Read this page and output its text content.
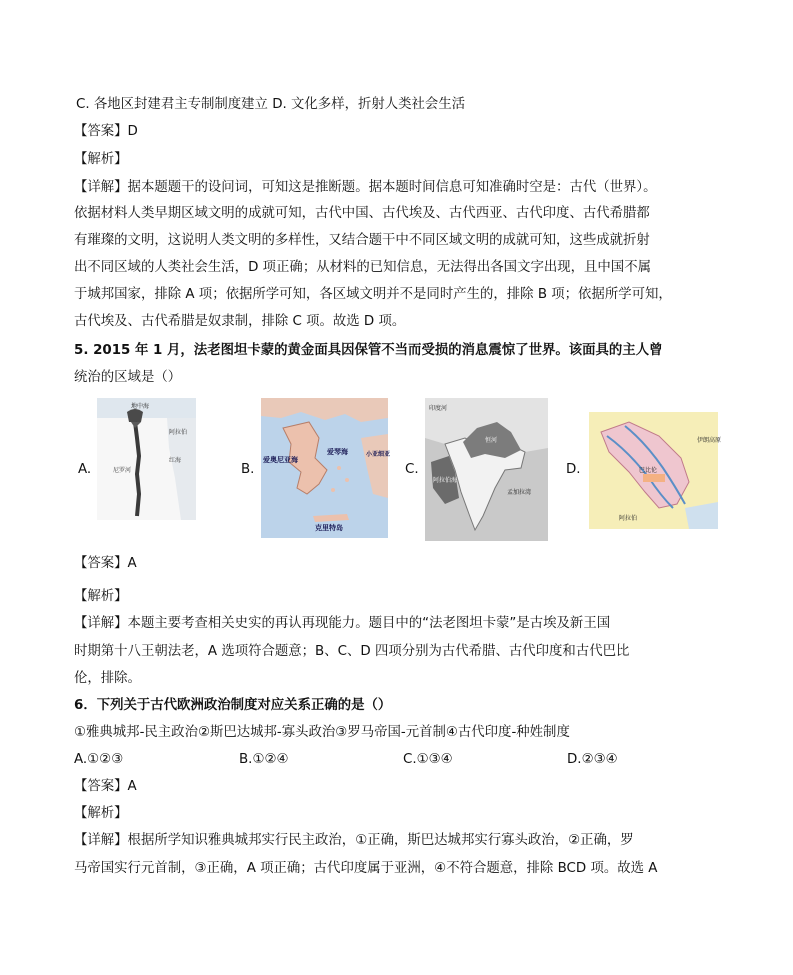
C. 各地区封建君主专制制度建立 D. 文化多样，折射人类社会生活
【答案】D
【解析】
【详解】据本题题干的设问词，可知这是推断题。据本题时间信息可知准确时空是：古代（世界）。
依据材料人类早期区域文明的成就可知，古代中国、古代埃及、古代西亚、古代印度、古代希腊都
有璀璨的文明，这说明人类文明的多样性，又结合题干中不同区域文明的成就可知，这些成就折射
出不同区域的人类社会生活，D 项正确；从材料的已知信息，无法得出各国文字出现，且中国不属
于城邦国家，排除 A 项；依据所学可知，各区域文明并不是同时产生的，排除 B 项；依据所学可知，
古代埃及、古代希腊是奴隶制，排除 C 项。故选 D 项。
5. 2015 年 1 月，法老图坦卡蒙的黄金面具因保管不当而受损的消息震惊了世界。该面具的主人曾
统治的区域是（）
A.
地中海
阿拉伯
红海
尼罗河	B.
爱奥尼亚海
爱琴海	小亚细亚
克里特岛
C.
印度河
恒河
阿拉伯海
孟加拉湾
D.	巴比伦
伊朗高原
阿拉伯
【答案】A
【解析】
【详解】本题主要考查相关史实的再认再现能力。题目中的“法老图坦卡蒙”是古埃及新王国
时期第十八王朝法老，A 选项符合题意；B、C、D 四项分别为古代希腊、古代印度和古代巴比
伦，排除。
6．下列关于古代欧洲政治制度对应关系正确的是（）
①雅典城邦-民主政治②斯巴达城邦-寡头政治③罗马帝国-元首制④古代印度-种姓制度
A.①②③	B.①②④	C.①③④	D.②③④
【答案】A
【解析】
【详解】根据所学知识雅典城邦实行民主政治，①正确，斯巴达城邦实行寡头政治，②正确，罗
马帝国实行元首制，③正确，A 项正确；古代印度属于亚洲，④不符合题意，排除 BCD 项。故选 A
